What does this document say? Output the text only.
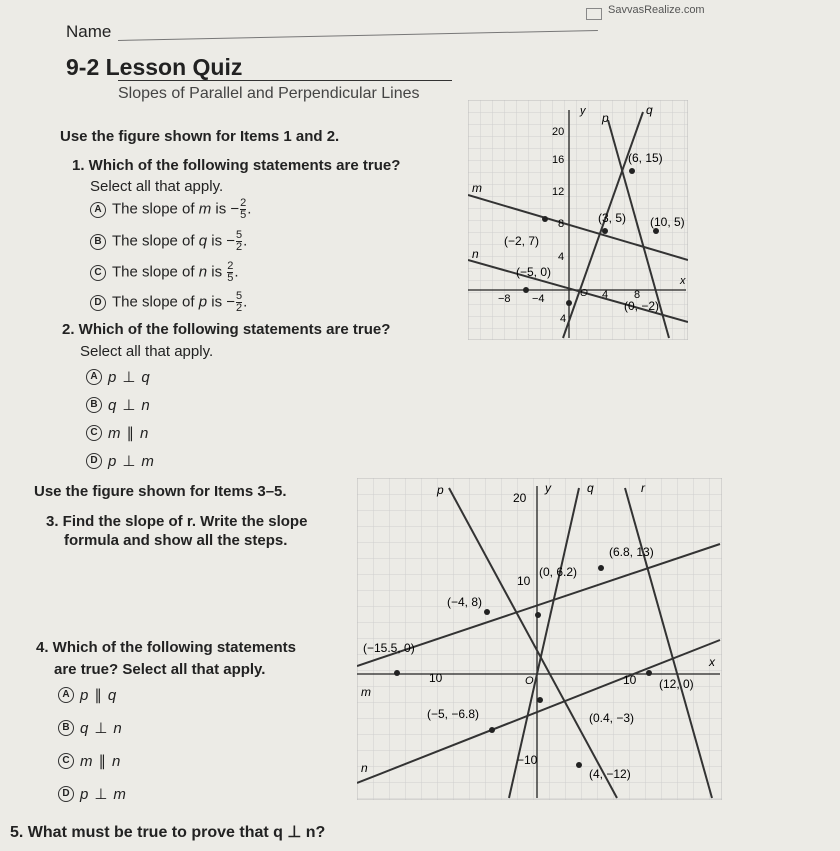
Name
SavvasRealize.com
9-2 Lesson Quiz
Slopes of Parallel and Perpendicular Lines
Use the figure shown for Items 1 and 2.
1. Which of the following statements are true?
Select all that apply.
A The slope of m is − $\frac{2}{5}$ .
B The slope of q is − $\frac{5}{2}$ .
C The slope of n is $\frac{2}{5}$ .
D The slope of p is − $\frac{5}{2}$ .
2. Which of the following statements are true?
Select all that apply.
A p ⊥ q
B q ⊥ n
C m ∥ n
D p ⊥ m
y
x
20
16
12
8
4
−4
−8	4 8
4
O
(6, 15)
(−2, 7)
(3, 5) (10, 5)
(−5, 0)
(0, −2)
p
q
m
n
Use the figure shown for Items 3–5.
3. Find the slope of r. Write the slope
formula and show all the steps.
4. Which of the following statements
are true? Select all that apply.
A p ∥ q
B q ⊥ n
C m ∥ n
D p ⊥ m
5. What must be true to prove that q ⊥ n?
y
x
20
10
−10
10	10
O
(6.8, 13)
(0, 6.2)
(−4, 8)
(−15.5, 0)
(12, 0)
(−5, −6.8)	(0.4, −3)
(4, −12)
p	q	r
m
n
